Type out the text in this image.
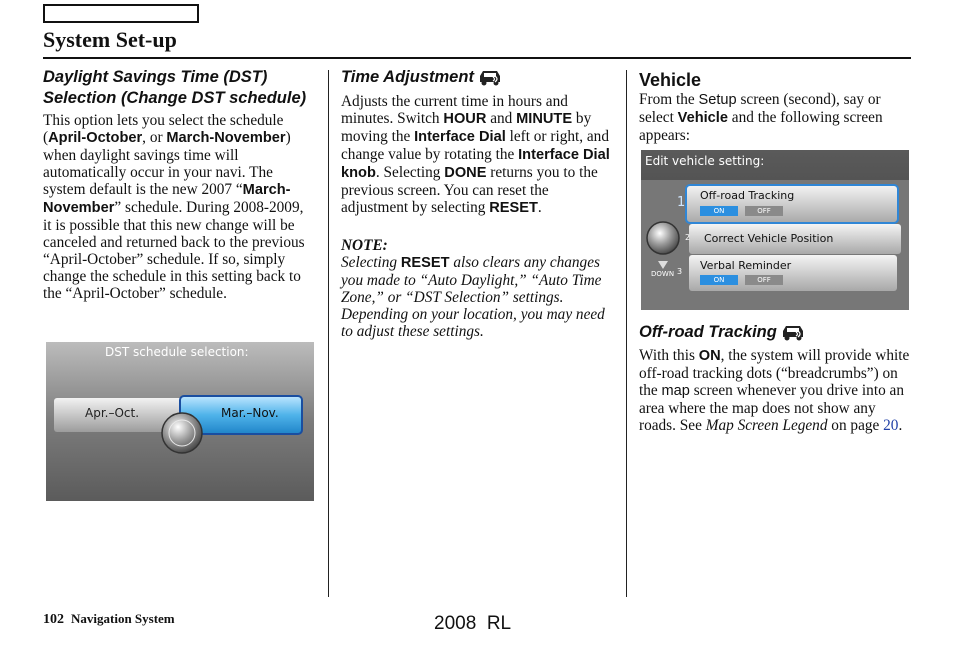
System Set-up

Daylight Savings Time (DST) Selection (Change DST schedule)

This option lets you select the schedule (April-October, or March-November) when daylight savings time will automatically occur in your navi. The system default is the new 2007 “March-November” schedule. During 2008-2009, it is possible that this new change will be canceled and returned back to the previous “April-October” schedule. If so, simply change the schedule in this setting back to the “April-October” schedule.

DST schedule selection:
Apr.–Oct.	Mar.–Nov.

Time Adjustment

Adjusts the current time in hours and minutes. Switch HOUR and MINUTE by moving the Interface Dial left or right, and change value by rotating the Interface Dial knob. Selecting DONE returns you to the previous screen. You can reset the adjustment by selecting RESET.

NOTE:

Selecting RESET also clears any changes you made to “Auto Daylight,” “Auto Time Zone,” or “DST Selection” settings. Depending on your location, you may need to adjust these settings.

Vehicle

From the Setup screen (second), say or select Vehicle and the following screen appears:

Edit vehicle setting:
1
2
3
DOWN
Off-road Tracking
Correct Vehicle Position
Verbal Reminder
ON	OFF
ON	OFF

Off-road Tracking

With this ON, the system will provide white off-road tracking dots (“breadcrumbs”) on the map screen whenever you drive into an area where the map does not show any roads. See Map Screen Legend on page 20.

102 Navigation System	2008  RL
